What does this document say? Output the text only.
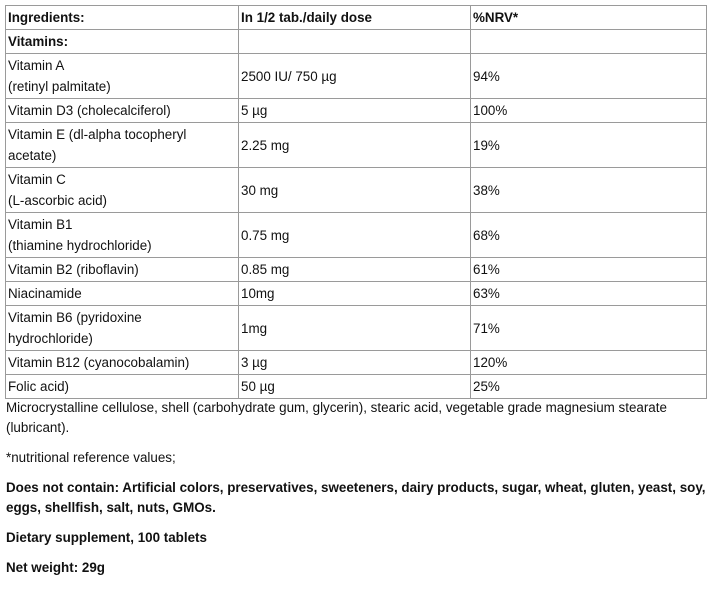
Ingredients:	In 1/2 tab./daily dose	%NRV*
Vitamins:		
Vitamin A
(retinyl palmitate)	2500 IU/ 750 µg	94%
Vitamin D3 (cholecalciferol)	5 µg	100%
Vitamin E (dl-alpha tocopheryl
acetate)	2.25 mg	19%
Vitamin C
(L-ascorbic acid)	30 mg	38%
Vitamin B1
(thiamine hydrochloride)	0.75 mg	68%
Vitamin B2 (riboflavin)	0.85 mg	61%
Niacinamide	10mg	63%
Vitamin B6 (pyridoxine
hydrochloride)	1mg	71%
Vitamin B12 (cyanocobalamin)	3 µg	120%
Folic acid)	50 µg	25%

Microcrystalline cellulose, shell (carbohydrate gum, glycerin), stearic acid, vegetable grade magnesium stearate (lubricant).

*nutritional reference values;

Does not contain: Artificial colors, preservatives, sweeteners, dairy products, sugar, wheat, gluten, yeast, soy, eggs, shellfish, salt, nuts, GMOs.

Dietary supplement, 100 tablets

Net weight: 29g
